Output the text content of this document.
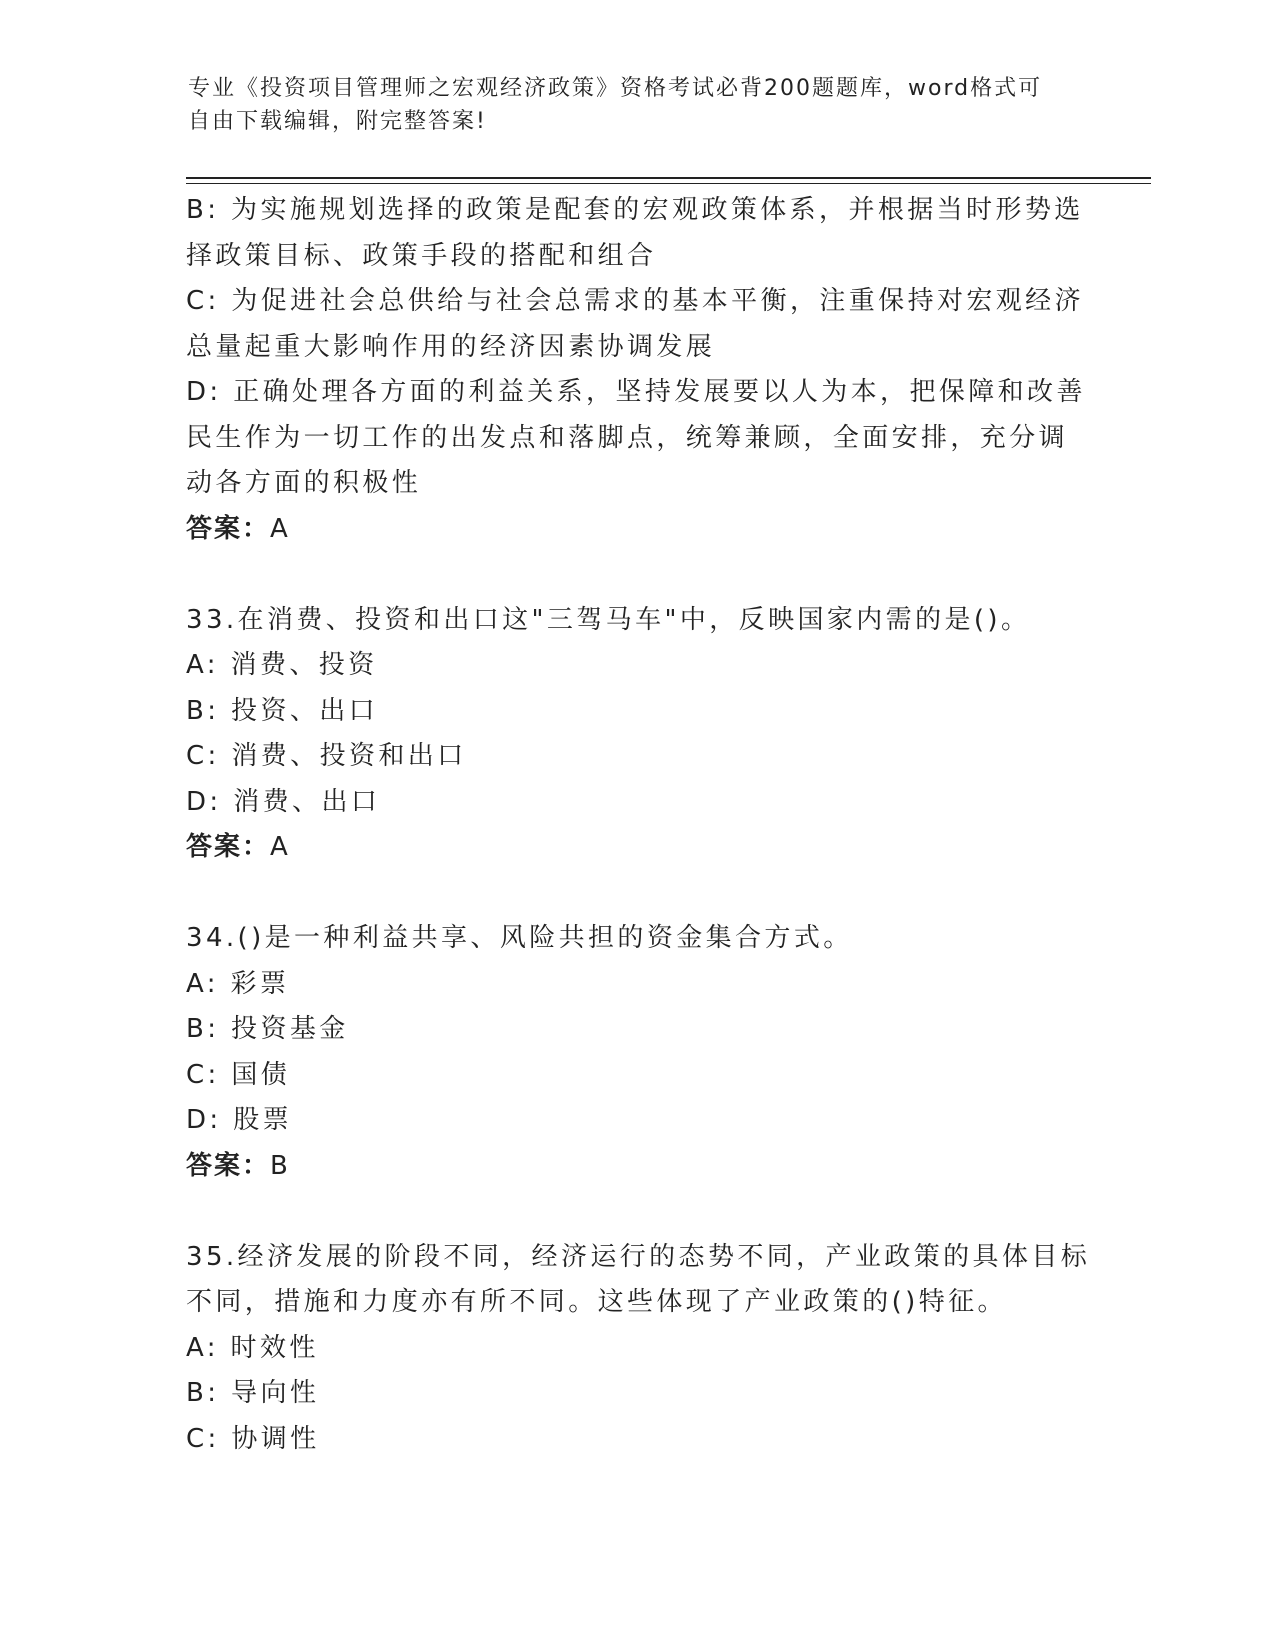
专业《投资项目管理师之宏观经济政策》资格考试必背200题题库，word格式可
自由下载编辑，附完整答案!
B: 为实施规划选择的政策是配套的宏观政策体系，并根据当时形势选
择政策目标、政策手段的搭配和组合
C: 为促进社会总供给与社会总需求的基本平衡，注重保持对宏观经济
总量起重大影响作用的经济因素协调发展
D: 正确处理各方面的利益关系，坚持发展要以人为本，把保障和改善
民生作为一切工作的出发点和落脚点，统筹兼顾，全面安排，充分调
动各方面的积极性
答案：A
33.在消费、投资和出口这"三驾马车"中，反映国家内需的是()。
A: 消费、投资
B: 投资、出口
C: 消费、投资和出口
D: 消费、出口
答案：A
34.()是一种利益共享、风险共担的资金集合方式。
A: 彩票
B: 投资基金
C: 国债
D: 股票
答案：B
35.经济发展的阶段不同，经济运行的态势不同，产业政策的具体目标
不同，措施和力度亦有所不同。这些体现了产业政策的()特征。
A: 时效性
B: 导向性
C: 协调性
